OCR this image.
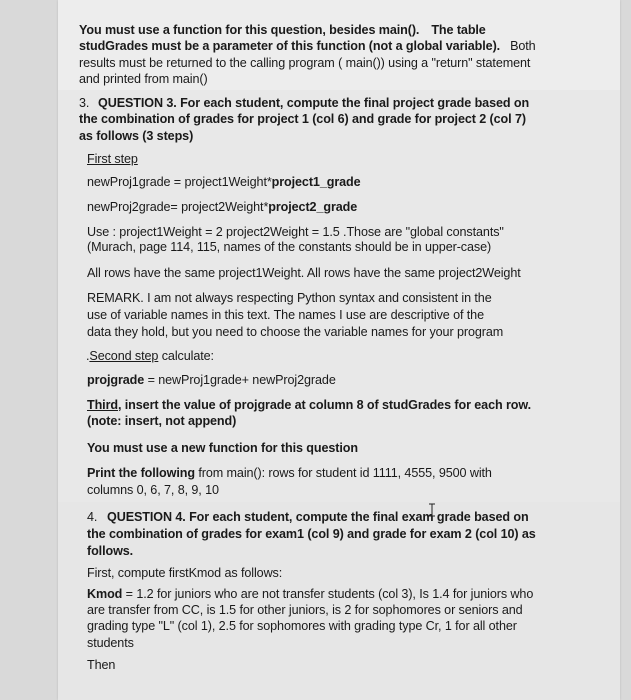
You must use a function for this question, besides main(). The table
studGrades must be a parameter of this function (not a global variable). Both
results must be returned to the calling program ( main()) using a "return" statement
and printed from main()
3. QUESTION 3. For each student, compute the final project grade based on
the combination of grades for project 1 (col 6) and grade for project 2 (col 7)
as follows (3 steps)
First step
newProj1grade = project1Weight*project1_grade
newProj2grade= project2Weight*project2_grade
Use : project1Weight = 2 project2Weight = 1.5 .Those are "global constants"
(Murach, page 114, 115, names of the constants should be in upper-case)
All rows have the same project1Weight. All rows have the same project2Weight
REMARK. I am not always respecting Python syntax and consistent in the
use of variable names in this text. The names I use are descriptive of the
data they hold, but you need to choose the variable names for your program
.Second step calculate:
projgrade = newProj1grade+ newProj2grade
Third, insert the value of projgrade at column 8 of studGrades for each row.
(note: insert, not append)
You must use a new function for this question
Print the following from main(): rows for student id 1111, 4555, 9500 with
columns 0, 6, 7, 8, 9, 10
4. QUESTION 4. For each student, compute the final exam grade based on
the combination of grades for exam1 (col 9) and grade for exam 2 (col 10) as
follows.
First, compute firstKmod as follows:
Kmod = 1.2 for juniors who are not transfer students (col 3), Is 1.4 for juniors who
are transfer from CC, is 1.5 for other juniors, is 2 for sophomores or seniors and
grading type "L" (col 1), 2.5 for sophomores with grading type Cr, 1 for all other
students
Then
